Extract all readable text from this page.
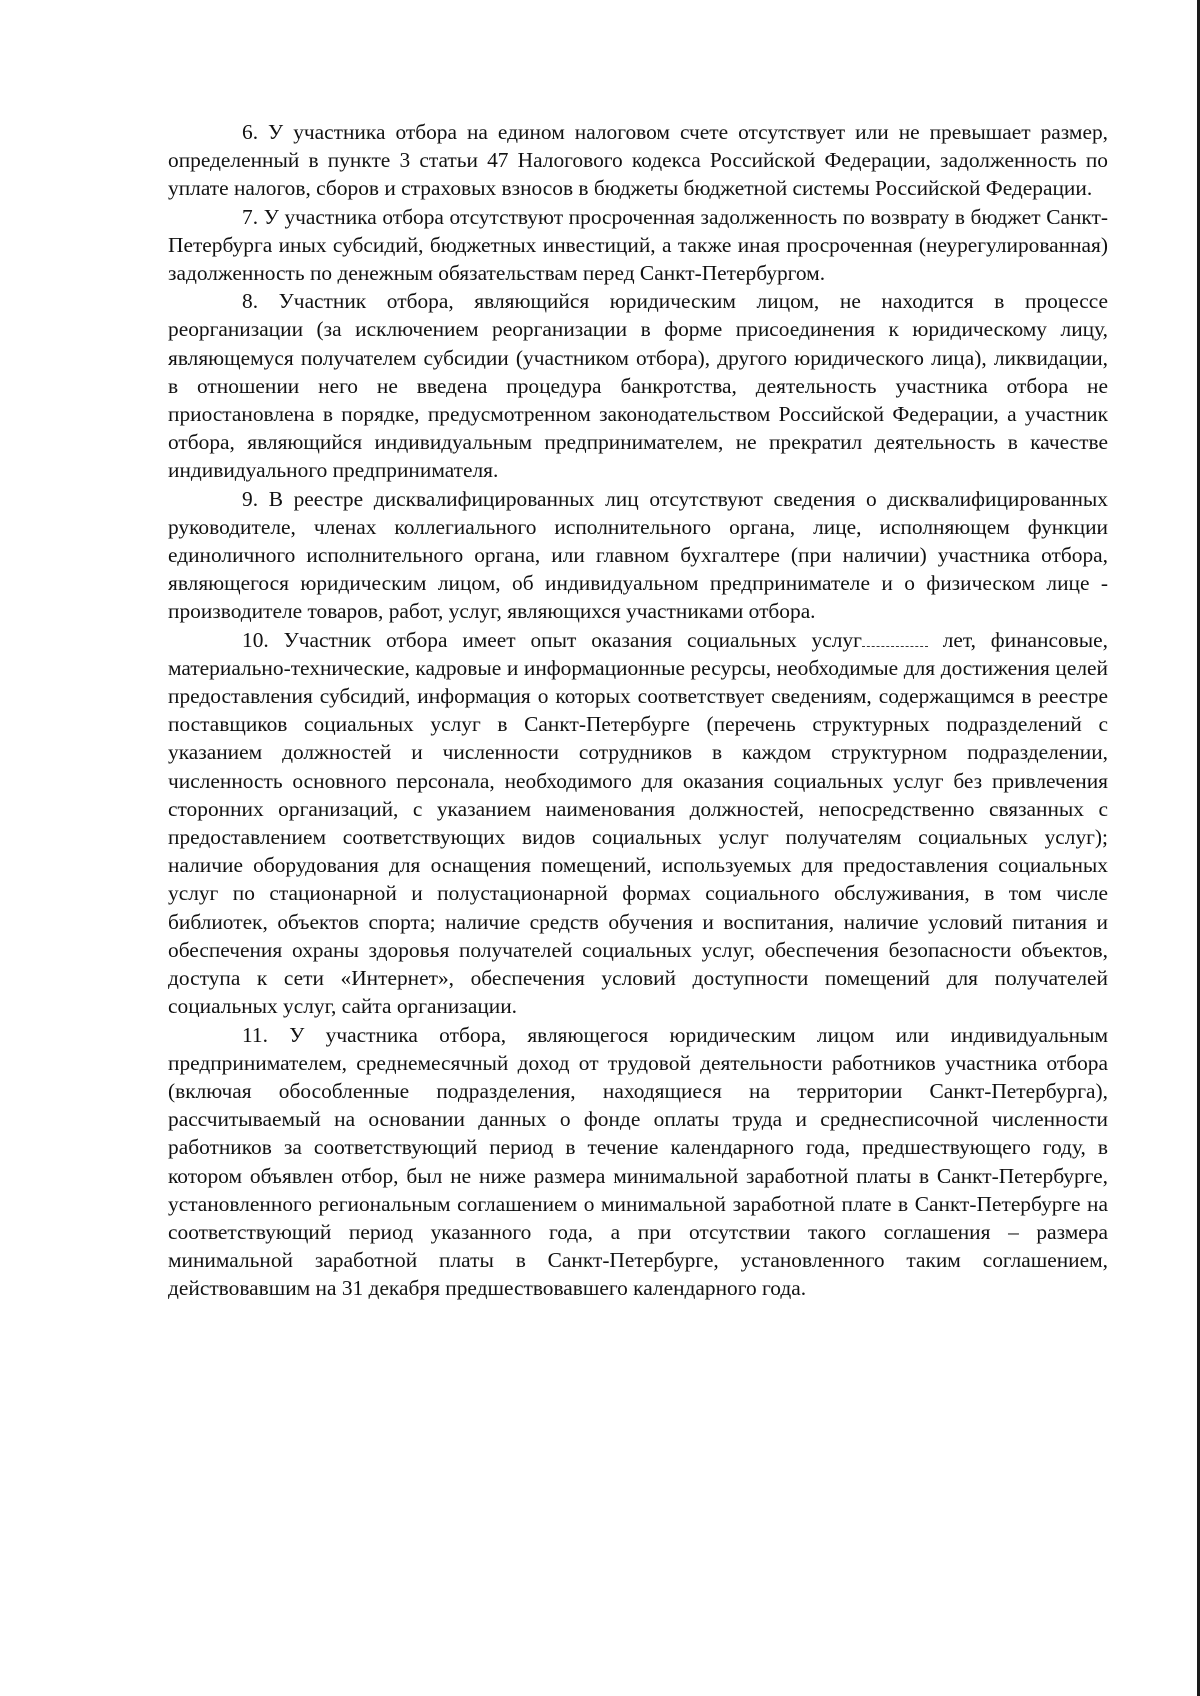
6. У участника отбора на едином налоговом счете отсутствует или не превышает размер, определенный в пункте 3 статьи 47 Налогового кодекса Российской Федерации, задолженность по уплате налогов, сборов и страховых взносов в бюджеты бюджетной системы Российской Федерации.

7. У участника отбора отсутствуют просроченная задолженность по возврату в бюджет Санкт-Петербурга иных субсидий, бюджетных инвестиций, а также иная просроченная (неурегулированная) задолженность по денежным обязательствам перед Санкт-Петербургом.

8. Участник отбора, являющийся юридическим лицом, не находится в процессе реорганизации (за исключением реорганизации в форме присоединения к юридическому лицу, являющемуся получателем субсидии (участником отбора), другого юридического лица), ликвидации, в отношении него не введена процедура банкротства, деятельность участника отбора не приостановлена в порядке, предусмотренном законодательством Российской Федерации, а участник отбора, являющийся индивидуальным предпринимателем, не прекратил деятельность в качестве индивидуального предпринимателя.

9. В реестре дисквалифицированных лиц отсутствуют сведения о дисквалифицированных руководителе, членах коллегиального исполнительного органа, лице, исполняющем функции единоличного исполнительного органа, или главном бухгалтере (при наличии) участника отбора, являющегося юридическим лицом, об индивидуальном предпринимателе и о физическом лице - производителе товаров, работ, услуг, являющихся участниками отбора.

10. Участник отбора имеет опыт оказания социальных услуг	лет, финансовые, материально-технические, кадровые и информационные ресурсы, необходимые для достижения целей предоставления субсидий, информация о которых соответствует сведениям, содержащимся в реестре поставщиков социальных услуг в Санкт-Петербурге (перечень структурных подразделений с указанием должностей и численности сотрудников в каждом структурном подразделении, численность основного персонала, необходимого для оказания социальных услуг без привлечения сторонних организаций, с указанием наименования должностей, непосредственно связанных с предоставлением соответствующих видов социальных услуг получателям социальных услуг); наличие оборудования для оснащения помещений, используемых для предоставления социальных услуг по стационарной и полустационарной формах социального обслуживания, в том числе библиотек, объектов спорта; наличие средств обучения и воспитания, наличие условий питания и обеспечения охраны здоровья получателей социальных услуг, обеспечения безопасности объектов, доступа к сети «Интернет», обеспечения условий доступности помещений для получателей социальных услуг, сайта организации.

11. У участника отбора, являющегося юридическим лицом или индивидуальным предпринимателем, среднемесячный доход от трудовой деятельности работников участника отбора (включая обособленные подразделения, находящиеся на территории Санкт-Петербурга), рассчитываемый на основании данных о фонде оплаты труда и среднесписочной численности работников за соответствующий период в течение календарного года, предшествующего году, в котором объявлен отбор, был не ниже размера минимальной заработной платы в Санкт-Петербурге, установленного региональным соглашением о минимальной заработной плате в Санкт-Петербурге на соответствующий период указанного года, а при отсутствии такого соглашения – размера минимальной заработной платы в Санкт-Петербурге, установленного таким соглашением, действовавшим на 31 декабря предшествовавшего календарного года.
